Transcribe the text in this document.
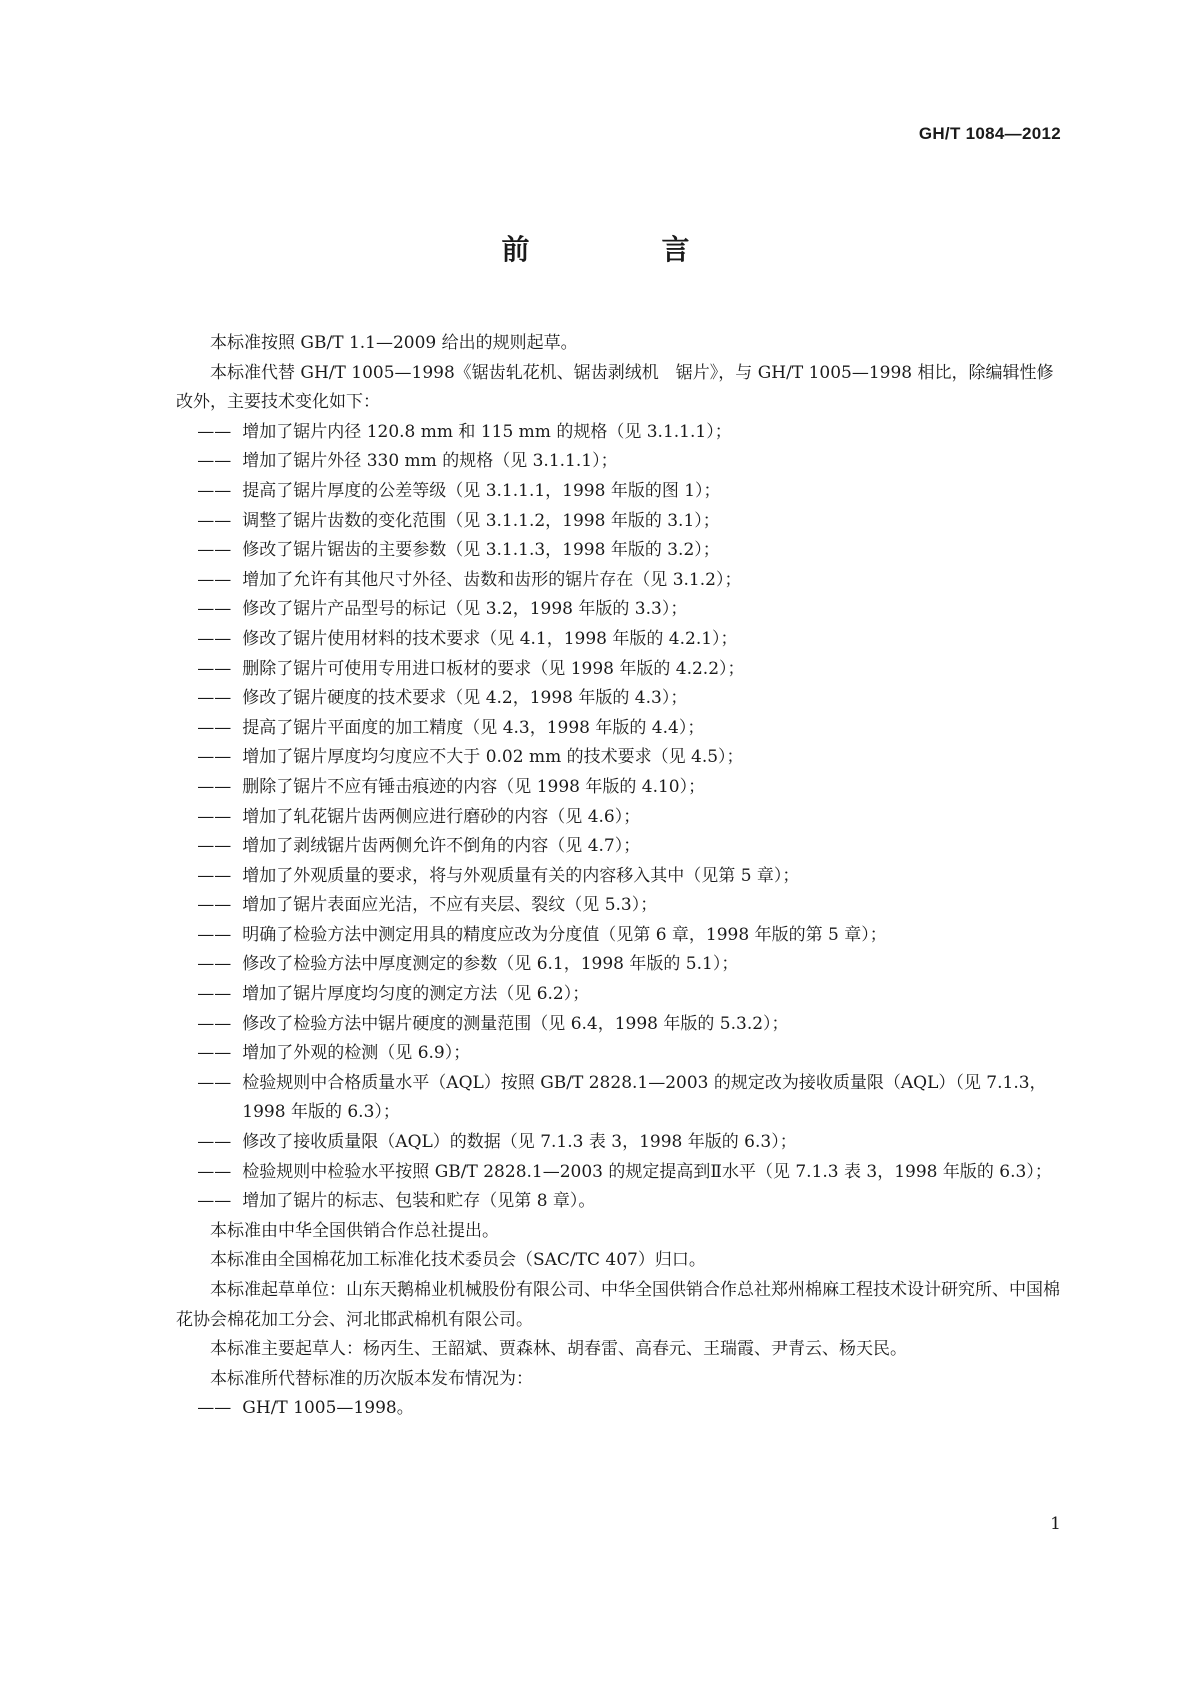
GH/T 1084—2012
前　言

本标准按照 GB/T 1.1—2009 给出的规则起草。

本标准代替 GH/T 1005—1998《锯齿轧花机、锯齿剥绒机　锯片》，与 GH/T 1005—1998 相比，除编辑性修改外，主要技术变化如下：

—— 增加了锯片内径 120.8 mm 和 115 mm 的规格（见 3.1.1.1）；

—— 增加了锯片外径 330 mm 的规格（见 3.1.1.1）；

—— 提高了锯片厚度的公差等级（见 3.1.1.1，1998 年版的图 1）；

—— 调整了锯片齿数的变化范围（见 3.1.1.2，1998 年版的 3.1）；

—— 修改了锯片锯齿的主要参数（见 3.1.1.3，1998 年版的 3.2）；

—— 增加了允许有其他尺寸外径、齿数和齿形的锯片存在（见 3.1.2）；

—— 修改了锯片产品型号的标记（见 3.2，1998 年版的 3.3）；

—— 修改了锯片使用材料的技术要求（见 4.1，1998 年版的 4.2.1）；

—— 删除了锯片可使用专用进口板材的要求（见 1998 年版的 4.2.2）；

—— 修改了锯片硬度的技术要求（见 4.2，1998 年版的 4.3）；

—— 提高了锯片平面度的加工精度（见 4.3，1998 年版的 4.4）；

—— 增加了锯片厚度均匀度应不大于 0.02 mm 的技术要求（见 4.5）；

—— 删除了锯片不应有锤击痕迹的内容（见 1998 年版的 4.10）；

—— 增加了轧花锯片齿两侧应进行磨砂的内容（见 4.6）；

—— 增加了剥绒锯片齿两侧允许不倒角的内容（见 4.7）；

—— 增加了外观质量的要求，将与外观质量有关的内容移入其中（见第 5 章）；

—— 增加了锯片表面应光洁，不应有夹层、裂纹（见 5.3）；

—— 明确了检验方法中测定用具的精度应改为分度值（见第 6 章，1998 年版的第 5 章）；

—— 修改了检验方法中厚度测定的参数（见 6.1，1998 年版的 5.1）；

—— 增加了锯片厚度均匀度的测定方法（见 6.2）；

—— 修改了检验方法中锯片硬度的测量范围（见 6.4，1998 年版的 5.3.2）；

—— 增加了外观的检测（见 6.9）；

—— 检验规则中合格质量水平（AQL）按照 GB/T 2828.1—2003 的规定改为接收质量限（AQL）（见 7.1.3，1998 年版的 6.3）；

—— 修改了接收质量限（AQL）的数据（见 7.1.3 表 3，1998 年版的 6.3）；

—— 检验规则中检验水平按照 GB/T 2828.1—2003 的规定提高到Ⅱ水平（见 7.1.3 表 3，1998 年版的 6.3）；

—— 增加了锯片的标志、包装和贮存（见第 8 章）。

本标准由中华全国供销合作总社提出。

本标准由全国棉花加工标准化技术委员会（SAC/TC 407）归口。

本标准起草单位：山东天鹅棉业机械股份有限公司、中华全国供销合作总社郑州棉麻工程技术设计研究所、中国棉花协会棉花加工分会、河北邯武棉机有限公司。

本标准主要起草人：杨丙生、王韶斌、贾森林、胡春雷、高春元、王瑞霞、尹青云、杨天民。

本标准所代替标准的历次版本发布情况为：

—— GH/T 1005—1998。

1
